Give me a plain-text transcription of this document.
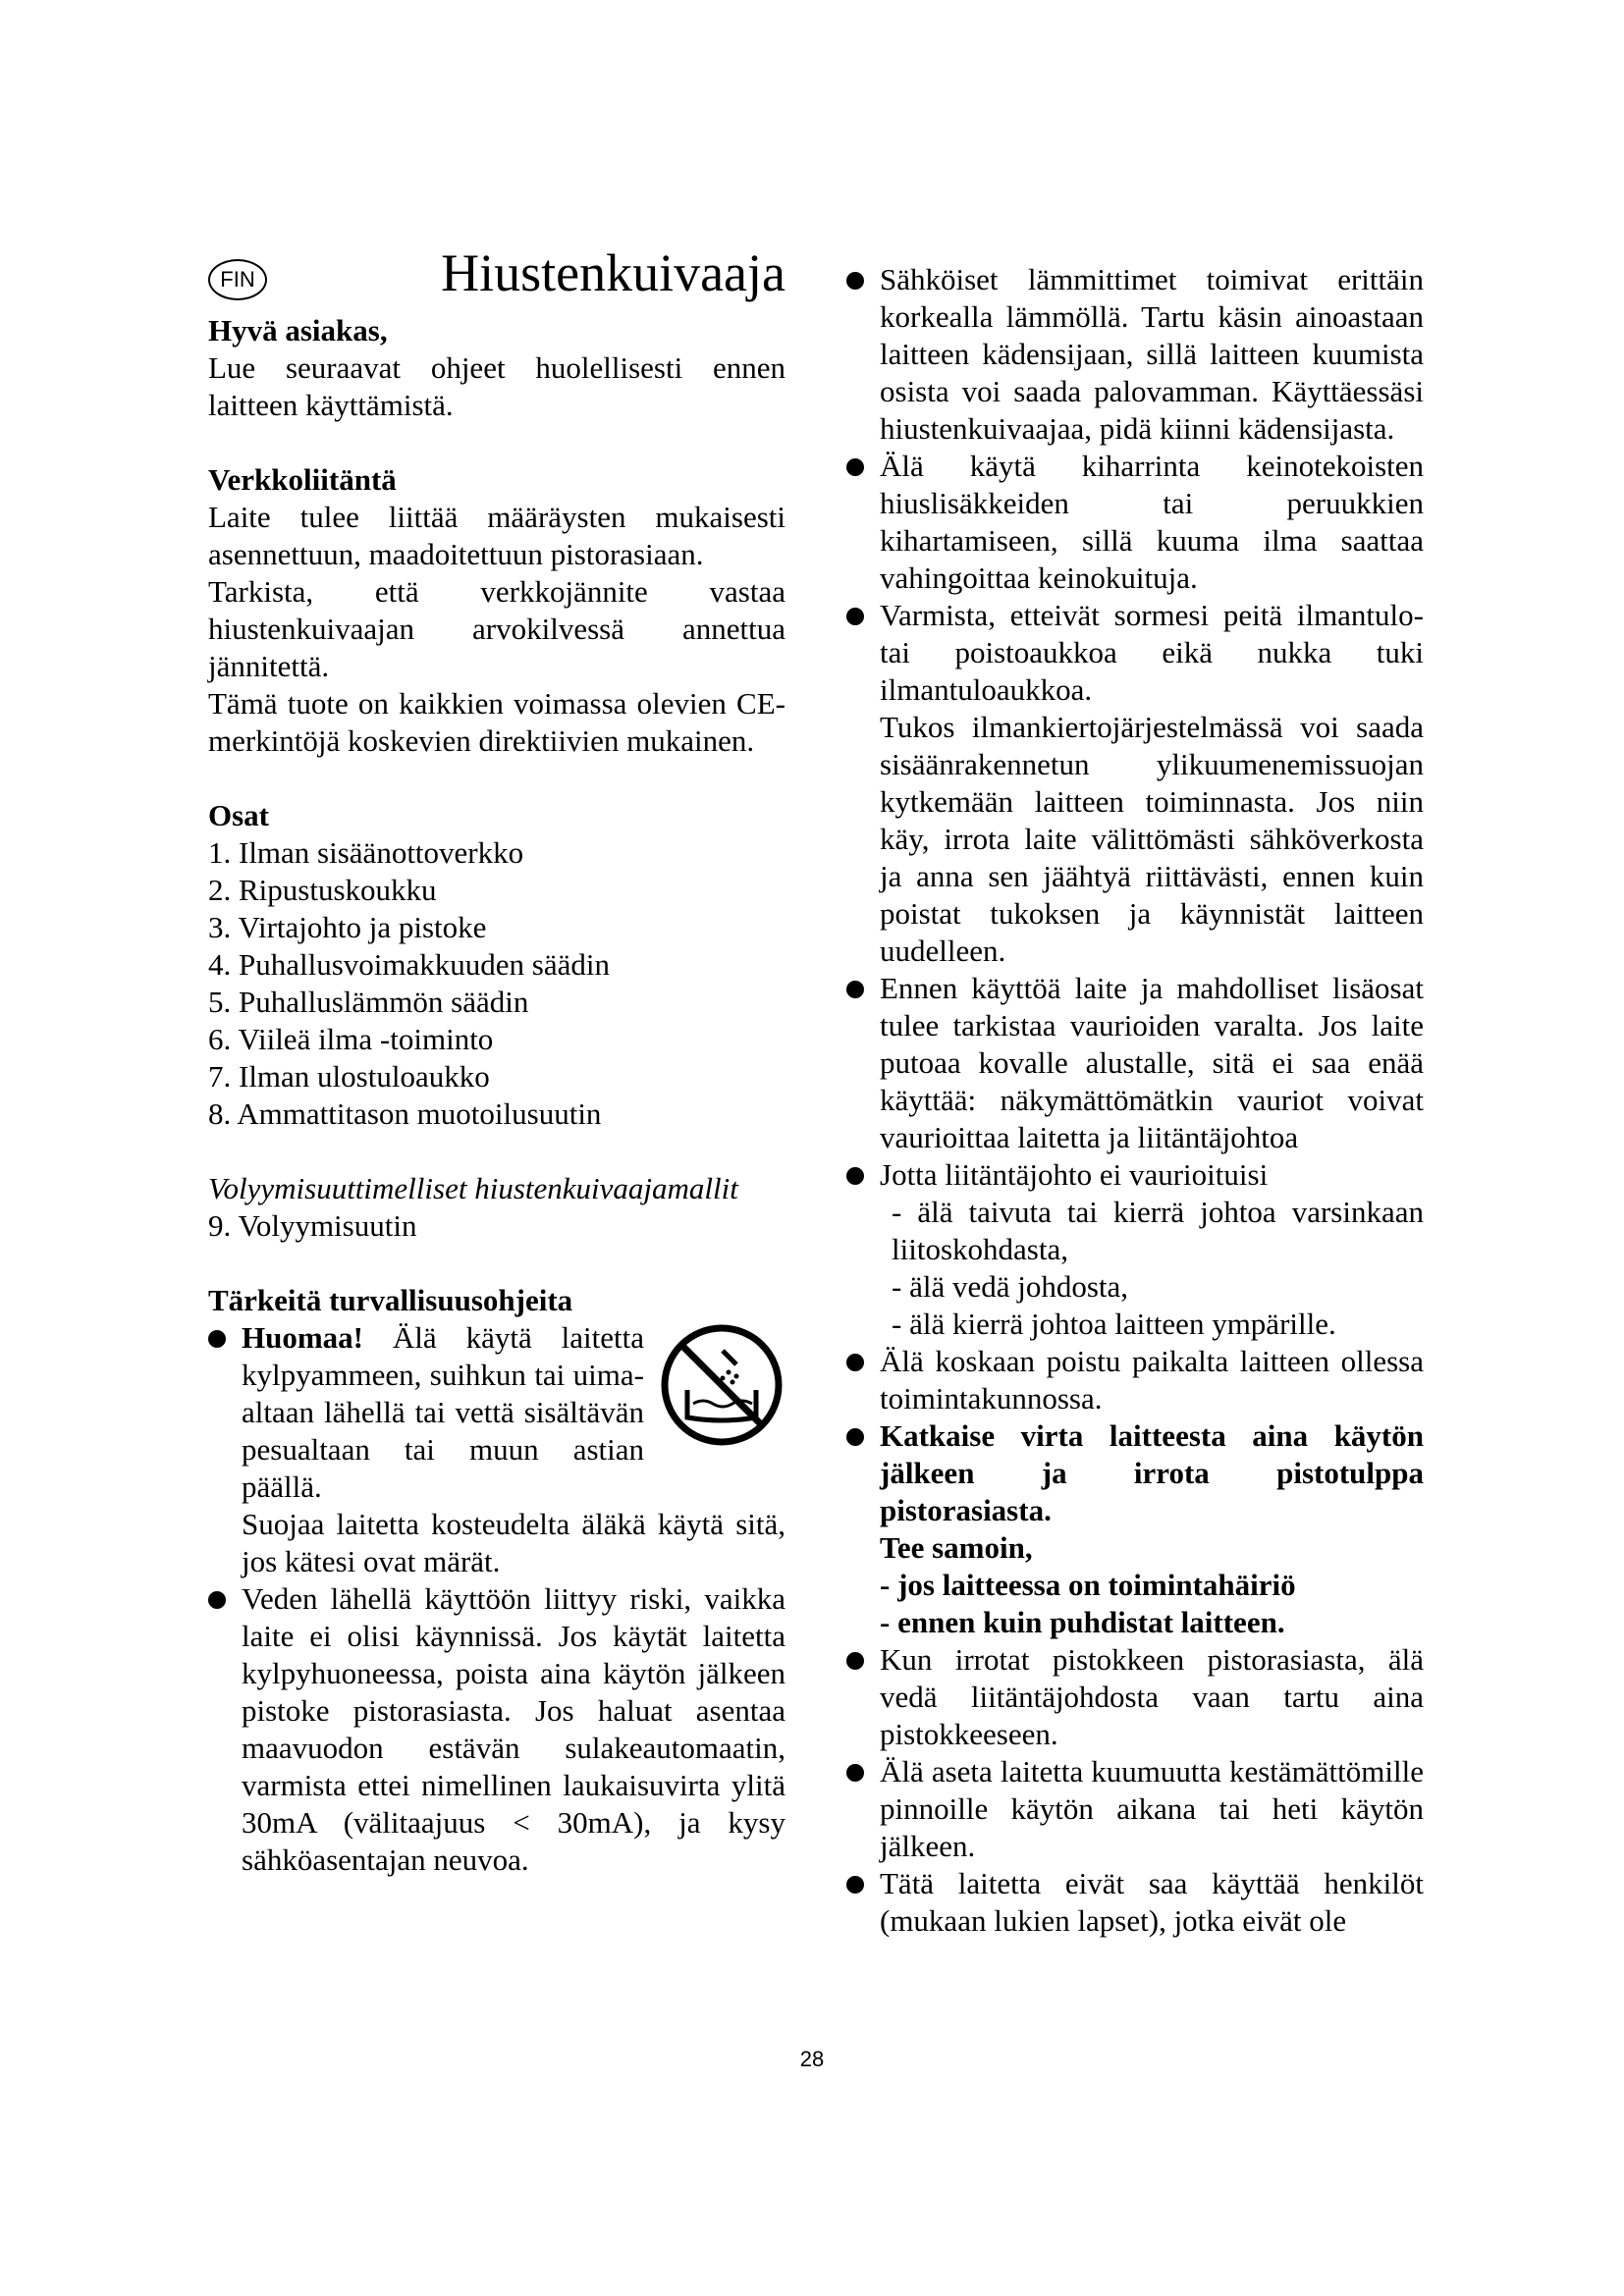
FIN	Hiustenkuivaaja

Hyvä asiakas,

Lue seuraavat ohjeet huolellisesti ennen laitteen käyttämistä.

Verkkoliitäntä

Laite tulee liittää määräysten mukaisesti asennettuun, maadoitettuun pistorasiaan.

Tarkista, että verkkojännite vastaa hiustenkuivaajan arvokilvessä annettua jännitettä.

Tämä tuote on kaikkien voimassa olevien CE-merkintöjä koskevien direktiivien mukainen.

Osat

1. Ilman sisäänottoverkko

2. Ripustuskoukku

3. Virtajohto ja pistoke

4. Puhallusvoimakkuuden säädin

5. Puhalluslämmön säädin

6. Viileä ilma -toiminto

7. Ilman ulostuloaukko

8. Ammattitason muotoilusuutin

Volyymisuuttimelliset hiustenkuivaajamallit

9. Volyymisuutin

Tärkeitä turvallisuusohjeita

Huomaa! Älä käytä laitetta kylpyammeen, suihkun tai uima-altaan lähellä tai vettä sisältävän pesualtaan tai muun astian päällä.

Suojaa laitetta kosteudelta äläkä käytä sitä, jos kätesi ovat märät.

Veden lähellä käyttöön liittyy riski, vaikka laite ei olisi käynnissä. Jos käytät laitetta kylpyhuoneessa, poista aina käytön jälkeen pistoke pistorasiasta. Jos haluat asentaa maavuodon estävän sulakeautomaatin, varmista ettei nimellinen laukaisuvirta ylitä 30mA (välitaajuus < 30mA), ja kysy sähköasentajan neuvoa.
Sähköiset lämmittimet toimivat erittäin korkealla lämmöllä. Tartu käsin ainoastaan laitteen kädensijaan, sillä laitteen kuumista osista voi saada palovamman. Käyttäessäsi hiustenkuivaajaa, pidä kiinni kädensijasta.
Älä käytä kiharrinta keinotekoisten hiuslisäkkeiden tai peruukkien kihartamiseen, sillä kuuma ilma saattaa vahingoittaa keinokuituja.
Varmista, etteivät sormesi peitä ilmantulo- tai poistoaukkoa eikä nukka tuki ilmantuloaukkoa.

Tukos ilmankiertojärjestelmässä voi saada sisäänrakennetun ylikuumenemissuojan kytkemään laitteen toiminnasta. Jos niin käy, irrota laite välittömästi sähköverkosta ja anna sen jäähtyä riittävästi, ennen kuin poistat tukoksen ja käynnistät laitteen uudelleen.

Ennen käyttöä laite ja mahdolliset lisäosat tulee tarkistaa vaurioiden varalta. Jos laite putoaa kovalle alustalle, sitä ei saa enää käyttää: näkymättömätkin vauriot voivat vaurioittaa laitetta ja liitäntäjohtoa
Jotta liitäntäjohto ei vaurioituisi

- älä taivuta tai kierrä johtoa varsinkaan liitoskohdasta,

- älä vedä johdosta,

- älä kierrä johtoa laitteen ympärille.

Älä koskaan poistu paikalta laitteen ollessa toimintakunnossa.
Katkaise virta laitteesta aina käytön jälkeen ja irrota pistotulppa pistorasiasta.

Tee samoin,

- jos laitteessa on toimintahäiriö

- ennen kuin puhdistat laitteen.

Kun irrotat pistokkeen pistorasiasta, älä vedä liitäntäjohdosta vaan tartu aina pistokkeeseen.
Älä aseta laitetta kuumuutta kestämättömille pinnoille käytön aikana tai heti käytön jälkeen.
Tätä laitetta eivät saa käyttää henkilöt (mukaan lukien lapset), jotka eivät ole
28
